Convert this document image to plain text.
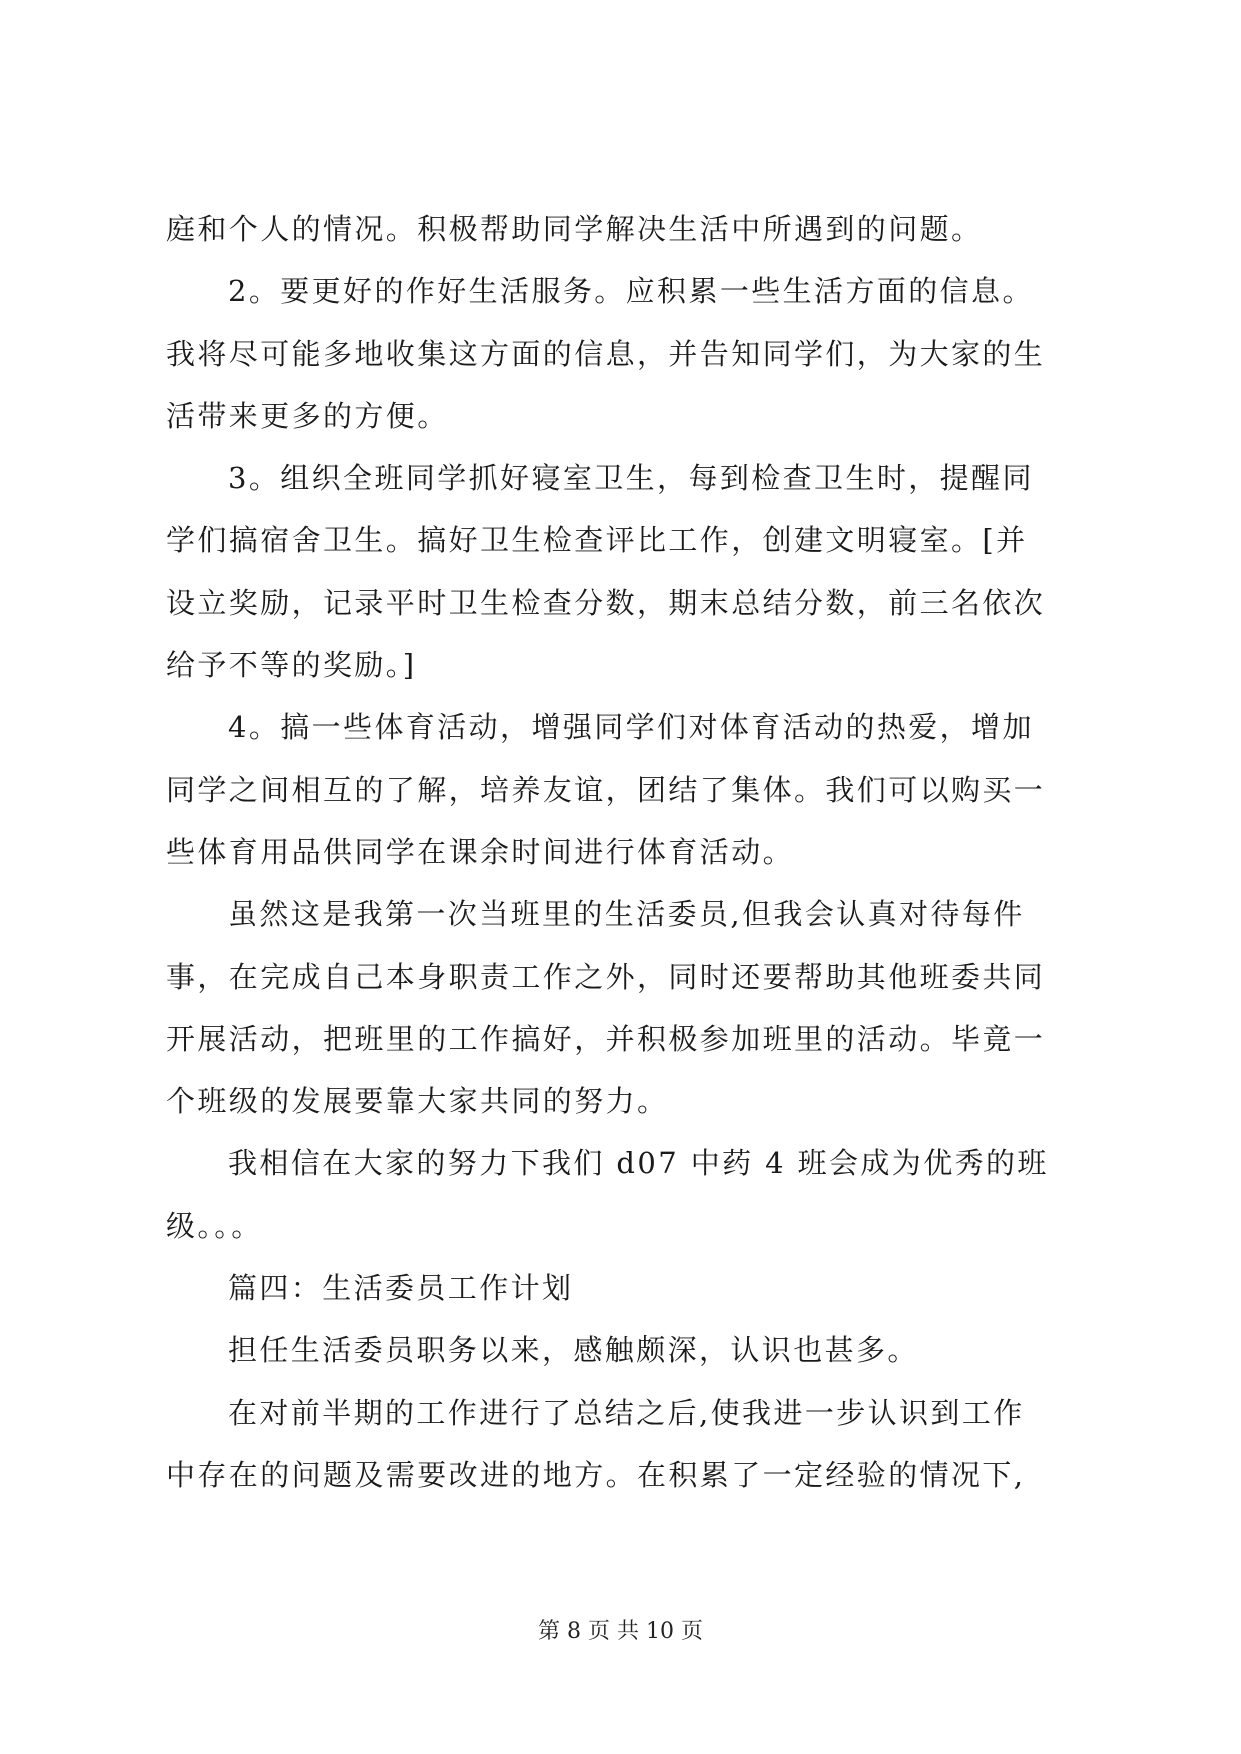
庭和个人的情况。积极帮助同学解决生活中所遇到的问题。
2。要更好的作好生活服务。应积累一些生活方面的信息。
我将尽可能多地收集这方面的信息，并告知同学们，为大家的生
活带来更多的方便。
3。组织全班同学抓好寝室卫生，每到检查卫生时，提醒同
学们搞宿舍卫生。搞好卫生检查评比工作，创建文明寝室。[并
设立奖励，记录平时卫生检查分数，期末总结分数，前三名依次
给予不等的奖励。]
4。搞一些体育活动，增强同学们对体育活动的热爱，增加
同学之间相互的了解，培养友谊，团结了集体。我们可以购买一
些体育用品供同学在课余时间进行体育活动。
虽然这是我第一次当班里的生活委员,但我会认真对待每件
事，在完成自己本身职责工作之外，同时还要帮助其他班委共同
开展活动，把班里的工作搞好，并积极参加班里的活动。毕竟一
个班级的发展要靠大家共同的努力。
我相信在大家的努力下我们 d07 中药 4 班会成为优秀的班
级。。。
篇四：生活委员工作计划
担任生活委员职务以来，感触颇深，认识也甚多。
在对前半期的工作进行了总结之后,使我进一步认识到工作
中存在的问题及需要改进的地方。在积累了一定经验的情况下,
第 8 页 共 10 页
